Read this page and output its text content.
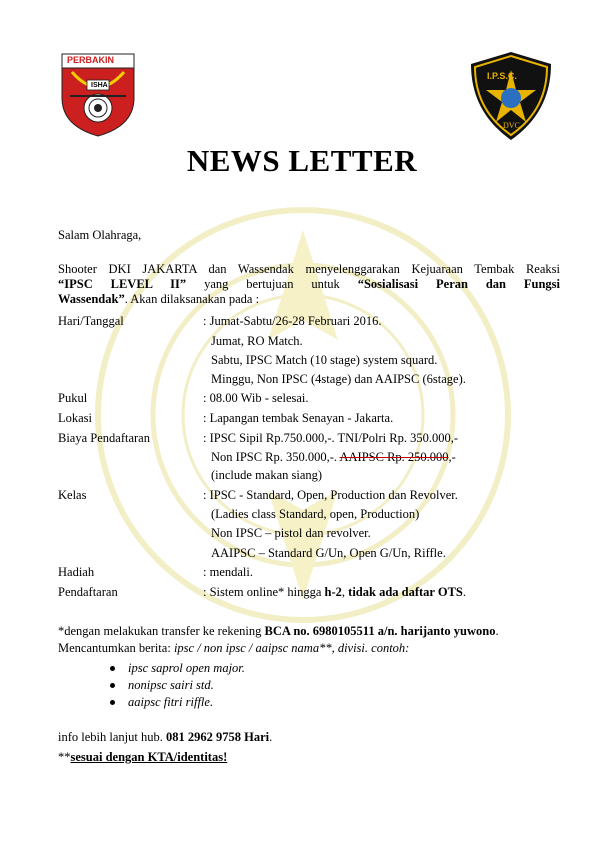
PERBAKIN
ISHA
I.P.S.C.
DVC
NEWS LETTER
Salam Olahraga,
Shooter DKI JAKARTA dan Wassendak menyelenggarakan Kejuaraan Tembak Reaksi
“IPSC LEVEL II” yang bertujuan untuk “Sosialisasi Peran dan Fungsi
Wassendak”. Akan dilaksanakan pada :
Hari/Tanggal	: Jumat-Sabtu/26-28 Februari 2016.
Jumat, RO Match.
Sabtu, IPSC Match (10 stage) system squard.
Minggu, Non IPSC (4stage) dan AAIPSC (6stage).
Pukul	: 08.00 Wib - selesai.
Lokasi	: Lapangan tembak Senayan - Jakarta.
Biaya Pendaftaran	: IPSC Sipil Rp.750.000,-. TNI/Polri Rp. 350.000,-
Non IPSC Rp. 350.000,-. AAIPSC Rp. 250.000,-
(include makan siang)
Kelas	: IPSC - Standard, Open, Production dan Revolver.
(Ladies class Standard, open, Production)
Non IPSC – pistol dan revolver.
AAIPSC – Standard G/Un, Open G/Un, Riffle.
Hadiah	: mendali.
Pendaftaran	: Sistem online* hingga h-2, tidak ada daftar OTS.
*dengan melakukan transfer ke rekening BCA no. 6980105511 a/n. harijanto yuwono.
Mencantumkan berita: ipsc / non ipsc / aaipsc nama**, divisi. contoh:
ipsc saprol open major.
nonipsc sairi std.
aaipsc fitri riffle.
info lebih lanjut hub. 081 2962 9758 Hari.
**sesuai dengan KTA/identitas!
